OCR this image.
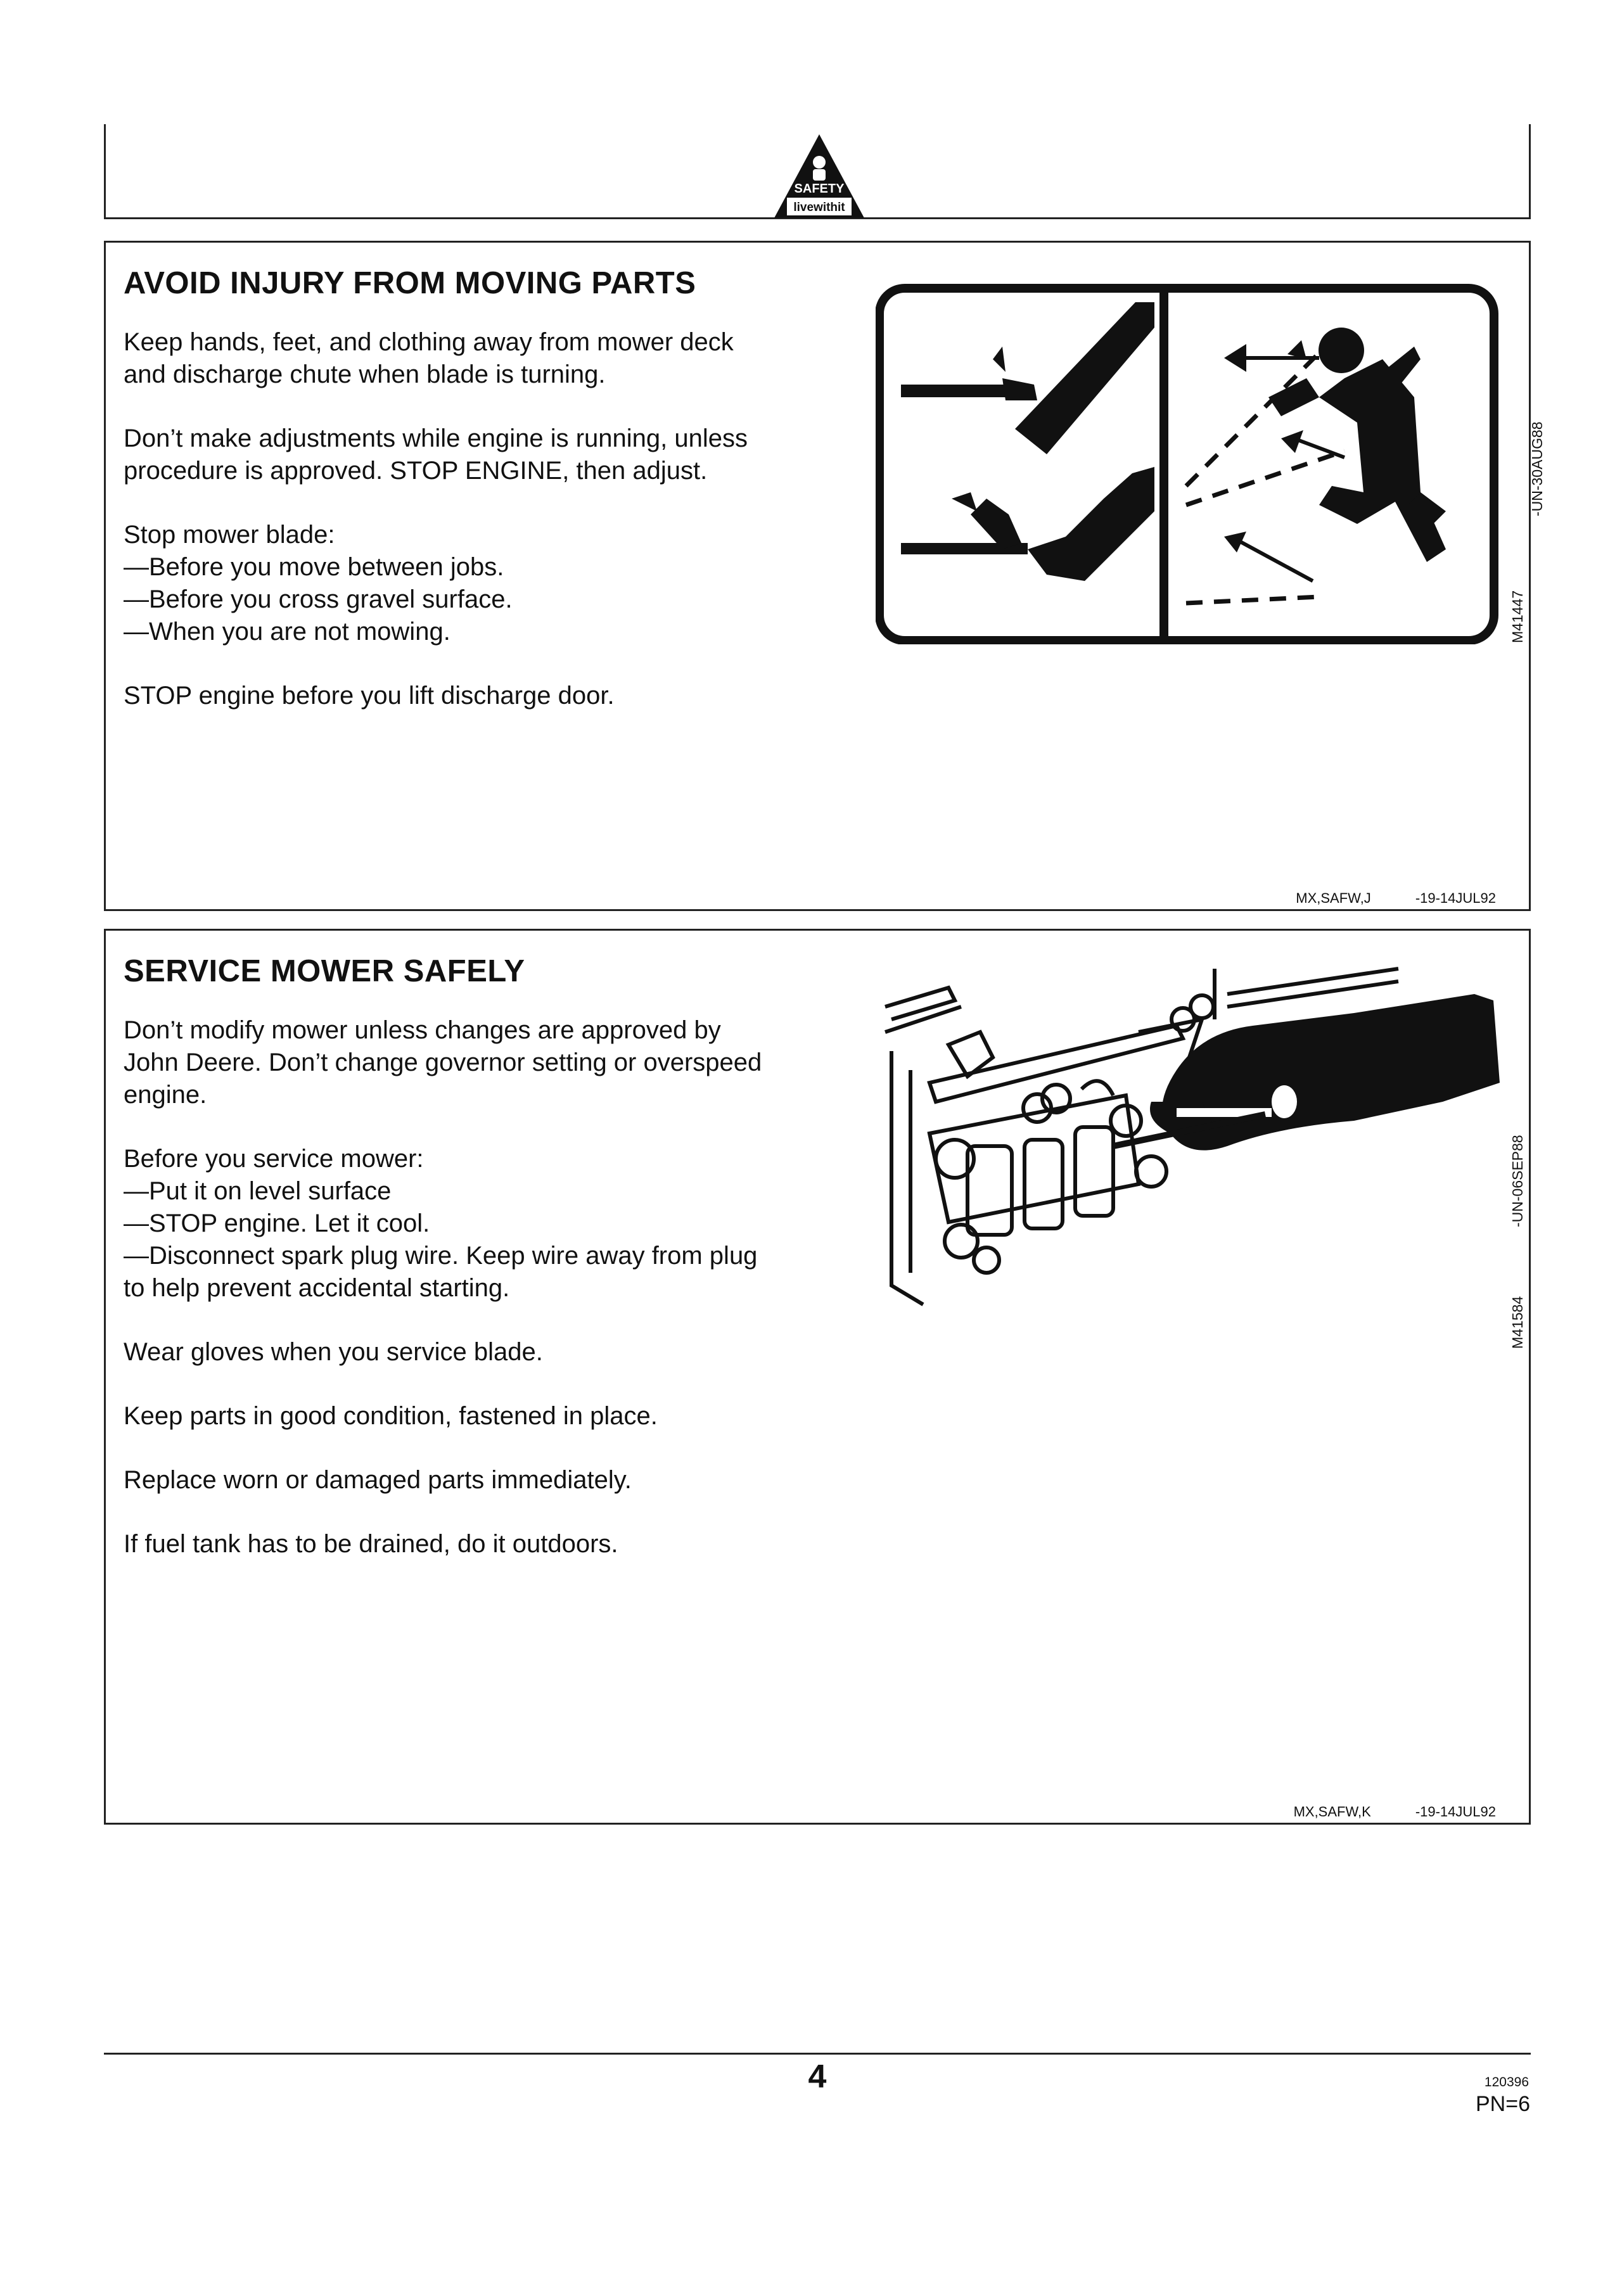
SAFETY
livewithit
AVOID INJURY FROM MOVING PARTS

Keep hands, feet, and clothing away from mower deck
and discharge chute when blade is turning.

Don’t make adjustments while engine is running, unless
procedure is approved. STOP ENGINE, then adjust.

Stop mower blade:
—Before you move between jobs.
—Before you cross gravel surface.
—When you are not mowing.

STOP engine before you lift discharge door.

M41447
-UN-30AUG88
MX,SAFW,J	-19-14JUL92
SERVICE MOWER SAFELY

Don’t modify mower unless changes are approved by
John Deere. Don’t change governor setting or overspeed
engine.

Before you service mower:
—Put it on level surface
—STOP engine. Let it cool.
—Disconnect spark plug wire. Keep wire away from plug
to help prevent accidental starting.

Wear gloves when you service blade.

Keep parts in good condition, fastened in place.

Replace worn or damaged parts immediately.

If fuel tank has to be drained, do it outdoors.

M41584
-UN-06SEP88
MX,SAFW,K	-19-14JUL92
4	120396
PN=6
